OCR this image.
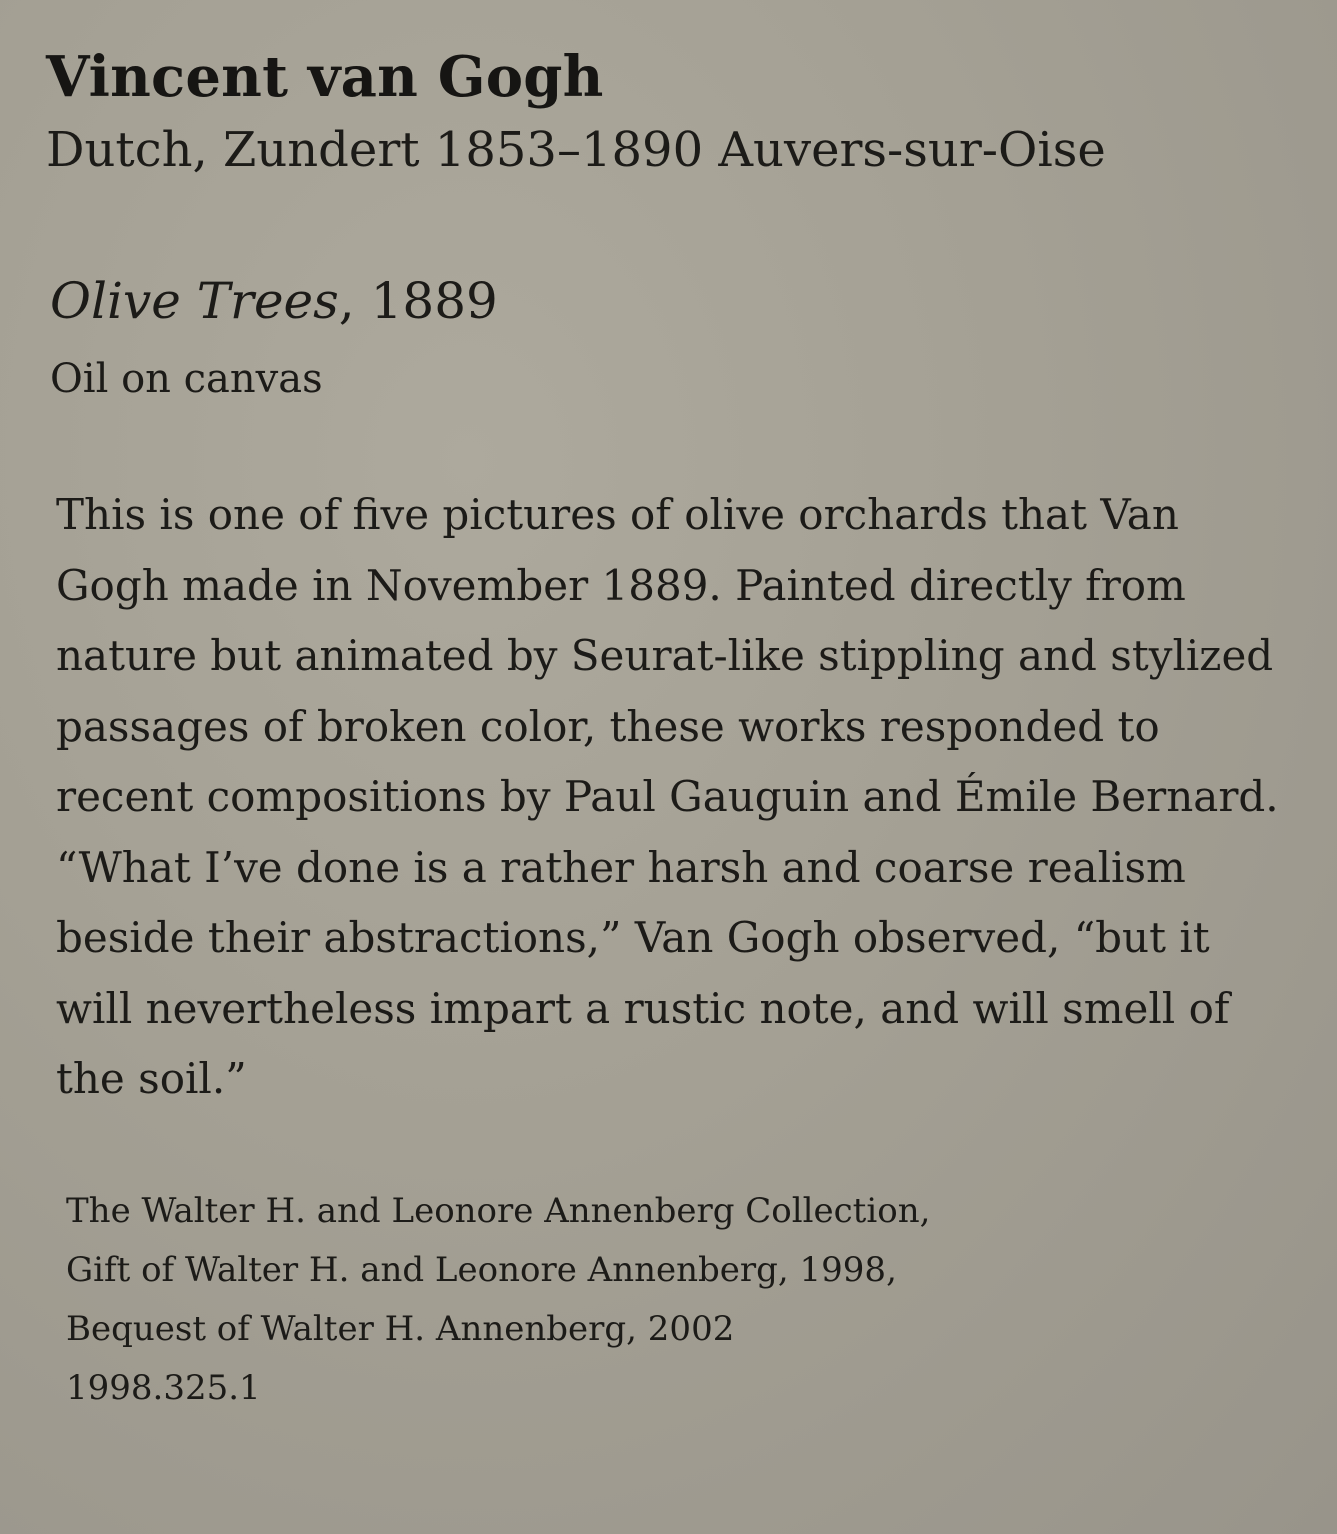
Vincent van Gogh
Dutch, Zundert 1853–1890 Auvers-sur-Oise
Olive Trees, 1889
Oil on canvas
This is one of five pictures of olive orchards that Van
Gogh made in November 1889. Painted directly from
nature but animated by Seurat-like stippling and stylized
passages of broken color, these works responded to
recent compositions by Paul Gauguin and Émile Bernard.
“What I’ve done is a rather harsh and coarse realism
beside their abstractions,” Van Gogh observed, “but it
will nevertheless impart a rustic note, and will smell of
the soil.”
The Walter H. and Leonore Annenberg Collection,
Gift of Walter H. and Leonore Annenberg, 1998,
Bequest of Walter H. Annenberg, 2002
1998.325.1
